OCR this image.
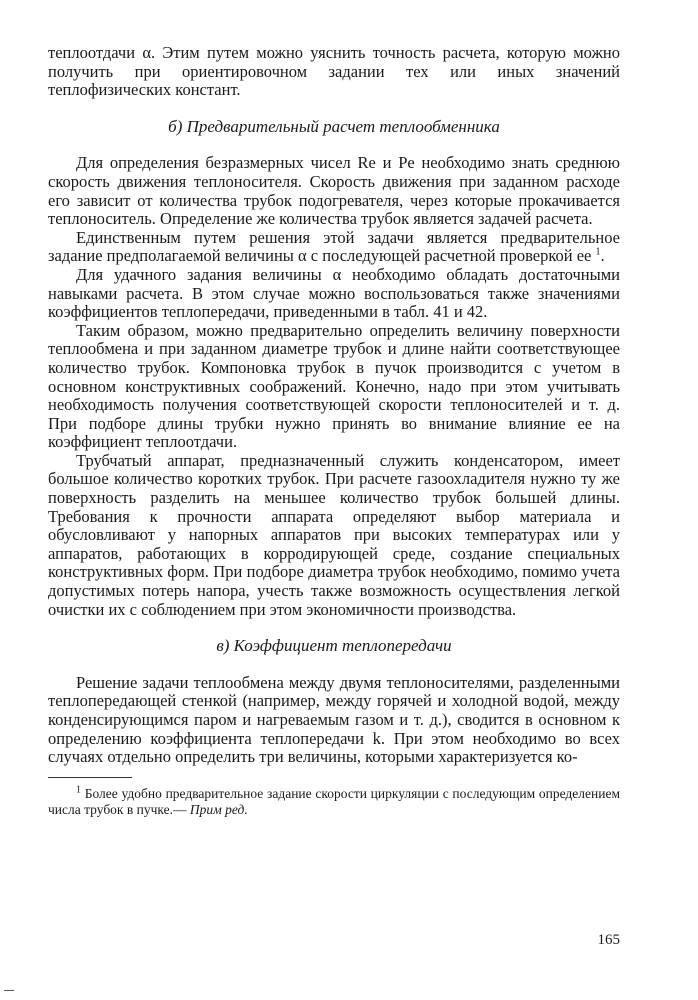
теплоотдачи α. Этим путем можно уяснить точность расчета, которую можно получить при ориентировочном задании тех или иных значений теплофизических констант.

б) Предварительный расчет теплообменника

Для определения безразмерных чисел Re и Pe необходимо знать среднюю скорость движения теплоносителя. Скорость движения при заданном расходе его зависит от количества трубок подогревателя, через которые прокачивается теплоноситель. Определение же количества трубок является задачей расчета.

Единственным путем решения этой задачи является предварительное задание предполагаемой величины α с последующей расчетной проверкой ее $^1$.

Для удачного задания величины α необходимо обладать достаточными навыками расчета. В этом случае можно воспользоваться также значениями коэффициентов теплопередачи, приведенными в табл. 41 и 42.

Таким образом, можно предварительно определить величину поверхности теплообмена и при заданном диаметре трубок и длине найти соответствующее количество трубок. Компоновка трубок в пучок производится с учетом в основном конструктивных соображений. Конечно, надо при этом учитывать необходимость получения соответствующей скорости теплоносителей и т. д. При подборе длины трубки нужно принять во внимание влияние ее на коэффициент теплоотдачи.

Трубчатый аппарат, предназначенный служить конденсатором, имеет большое количество коротких трубок. При расчете газоохладителя нужно ту же поверхность разделить на меньшее количество трубок большей длины. Требования к прочности аппарата определяют выбор материала и обусловливают у напорных аппаратов при высоких температурах или у аппаратов, работающих в корродирующей среде, создание специальных конструктивных форм. При подборе диаметра трубок необходимо, помимо учета допустимых потерь напора, учесть также возможность осуществления легкой очистки их с соблюдением при этом экономичности производства.

в) Коэффициент теплопередачи

Решение задачи теплообмена между двумя теплоносителями, разделенными теплопередающей стенкой (например, между горячей и холодной водой, между конденсирующимся паром и нагреваемым газом и т. д.), сводится в основном к определению коэффициента теплопередачи k. При этом необходимо во всех случаях отдельно определить три величины, которыми характеризуется ко-

$^1$ Более удобно предварительное задание скорости циркуляции с последующим определением числа трубок в пучке.— Прим ред.

165
